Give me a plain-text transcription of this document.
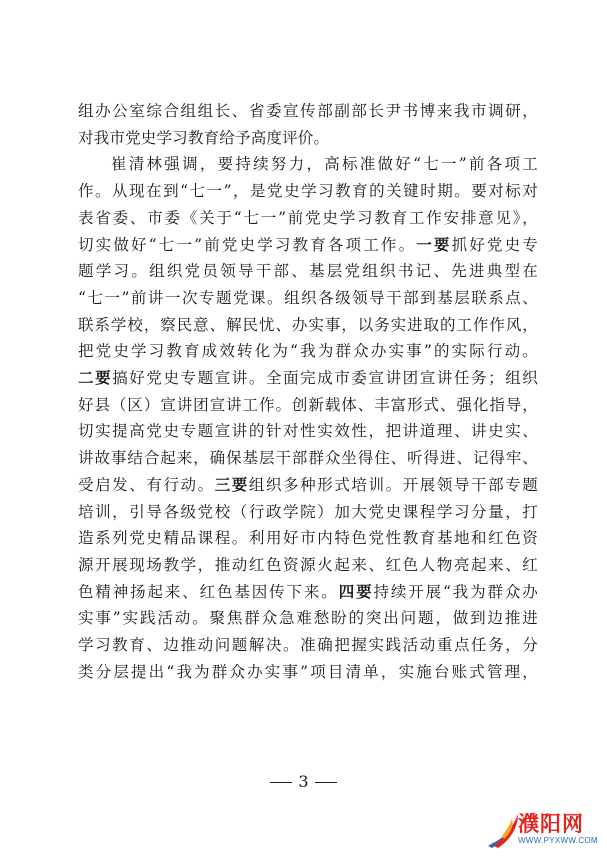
组办公室综合组组长、省委宣传部副部长尹书博来我市调研，
对我市党史学习教育给予高度评价。
崔清林强调，要持续努力，高标准做好“七一”前各项工
作。从现在到“七一”，是党史学习教育的关键时期。要对标对
表省委、市委《关于“七一”前党史学习教育工作安排意见》，
切实做好“七一”前党史学习教育各项工作。一要抓好党史专
题学习。组织党员领导干部、基层党组织书记、先进典型在
“七一”前讲一次专题党课。组织各级领导干部到基层联系点、
联系学校，察民意、解民忧、办实事，以务实进取的工作作风，
把党史学习教育成效转化为“我为群众办实事”的实际行动。
二要搞好党史专题宣讲。全面完成市委宣讲团宣讲任务；组织
好县（区）宣讲团宣讲工作。创新载体、丰富形式、强化指导，
切实提高党史专题宣讲的针对性实效性，把讲道理、讲史实、
讲故事结合起来，确保基层干部群众坐得住、听得进、记得牢、
受启发、有行动。三要组织多种形式培训。开展领导干部专题
培训，引导各级党校（行政学院）加大党史课程学习分量，打
造系列党史精品课程。利用好市内特色党性教育基地和红色资
源开展现场教学，推动红色资源火起来、红色人物亮起来、红
色精神扬起来、红色基因传下来。四要持续开展“我为群众办
实事”实践活动。聚焦群众急难愁盼的突出问题，做到边推进
3
濮阳网
WWW.PYXWW.COM
学习教育、边推动问题解决。准确把握实践活动重点任务，分
类分层提出“我为群众办实事”项目清单，实施台账式管理，
